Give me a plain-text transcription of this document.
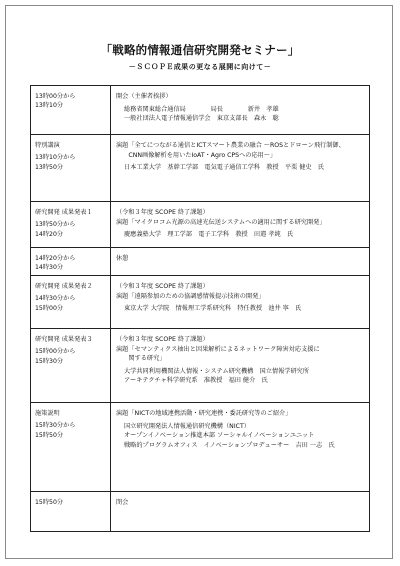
「戦略的情報通信研究開発セミナー」
－ＳＣＯＰＥ成果の更なる展開に向けて－
13時00分から
13時10分
開会（主催者挨拶）
総務省関東総合通信局　　　　局長　　　　新井　孝雄
一般社団法人電子情報通信学会　東京支部長　森永　聡
特別講演
13時10分から
13時50分
演題「全てにつながる通信とICTスマート農業の融合 ～ROSとドローン飛行制御、
　　CNN画像解析を用いたIoAT・Agro CPSへの応用～」
日本工業大学　基幹工学部　電気電子通信工学科　教授　平栗 健史　氏
研究開発 成果発表１
13時50分から
14時20分
（令和３年度 SCOPE 終了課題）
演題「マイクロコム光源の高速光伝送システムへの適用に関する研究開発」
慶應義塾大学　理工学部　電子工学科　教授　田邉 孝純　氏
14時20分から
14時30分
休憩
研究開発 成果発表２
14時30分から
15時00分
（令和３年度 SCOPE 終了課題）
演題「遠隔参加のための協調感情報提示技術の開発」
東京大学 大学院　情報理工学系研究科　特任教授　池井 寧　氏
研究開発 成果発表３
15時00分から
15時30分
（令和３年度 SCOPE 終了課題）
演題「セマンティクス抽出と因果解析によるネットワーク障害対応支援に
　　関する研究」
大学共同利用機関法人情報・システム研究機構　国立情報学研究所
アーキテクチャ科学研究系　准教授　福田 健介　氏
施策説明
15時30分から
15時50分
演題「NICTの地域連携活動・研究連携・委託研究等のご紹介」
国立研究開発法人情報通信研究機構（NICT）
オープンイノベーション推進本部 ソーシャルイノベーションユニット
戦略的プログラムオフィス　イノベーションプロデューサー　吉田 一志　氏
15時50分	閉会
